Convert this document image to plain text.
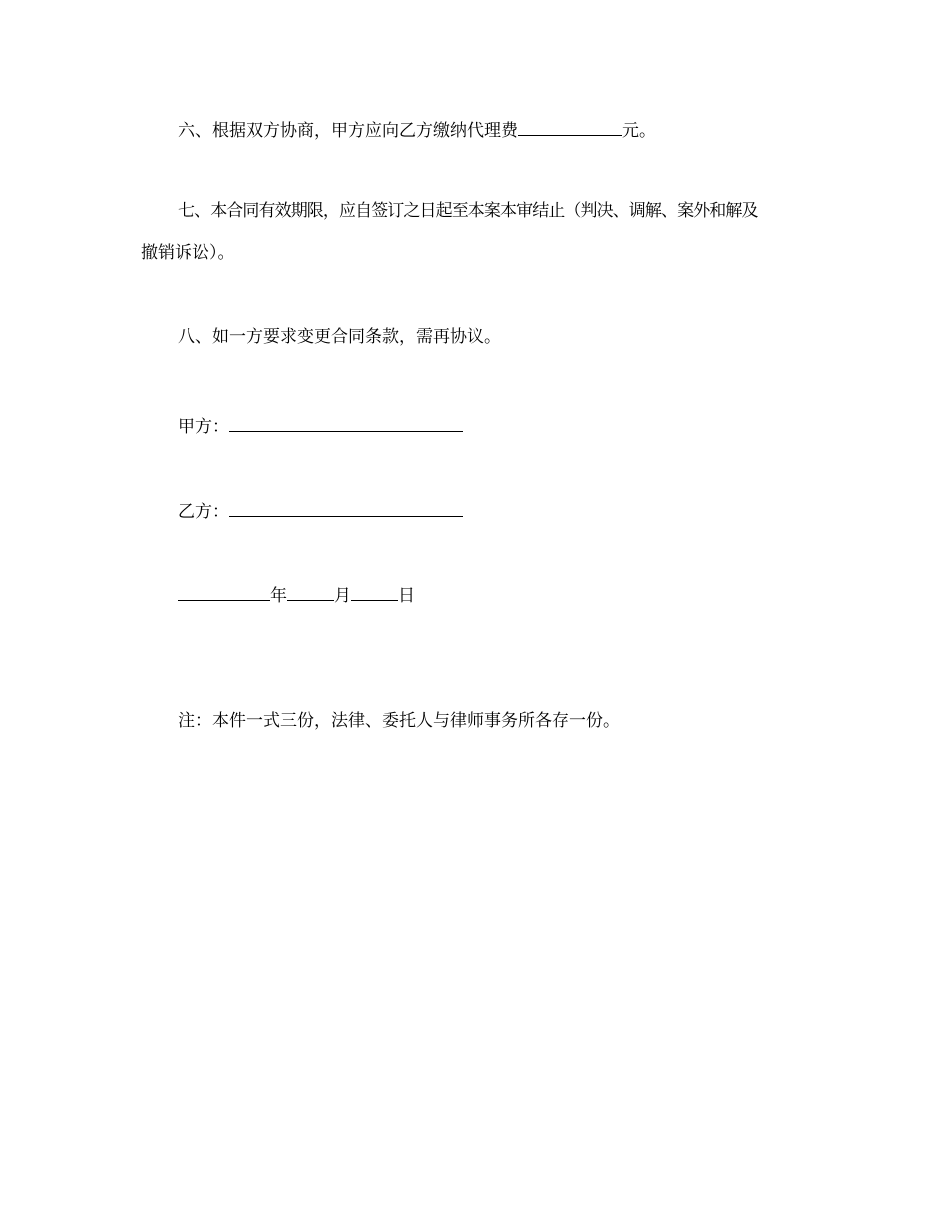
六、根据双方协商，甲方应向乙方缴纳代理费	元。
七、本合同有效期限，应自签订之日起至本案本审结止（判决、调解、案外和解及
撤销诉讼）。
八、如一方要求变更合同条款，需再协议。
甲方：
乙方：
年	月	日
注：本件一式三份，法律、委托人与律师事务所各存一份。
